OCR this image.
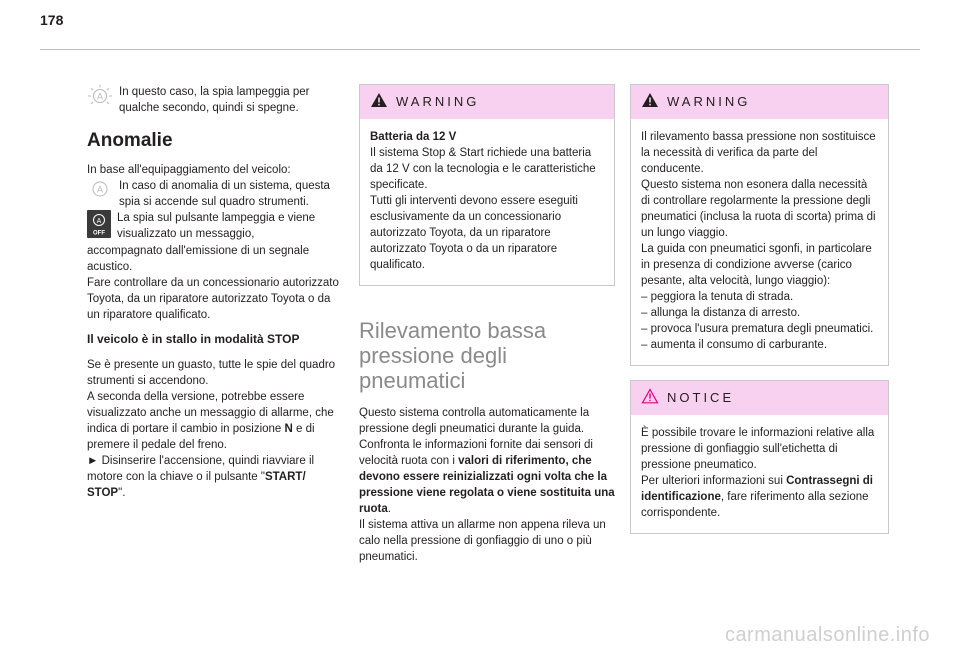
178
A In questo caso, la spia lampeggia per qualche secondo, quindi si spegne.

Anomalie

In base all'equipaggiamento del veicolo:

A In caso di anomalia di un sistema, questa spia si accende sul quadro strumenti.

A
OFF

La spia sul pulsante lampeggia e viene visualizzato un messaggio,

accompagnato dall'emissione di un segnale acustico.

Fare controllare da un concessionario autorizzato Toyota, da un riparatore autorizzato Toyota o da un riparatore qualificato.

Il veicolo è in stallo in modalità STOP

Se è presente un guasto, tutte le spie del quadro strumenti si accendono.

A seconda della versione, potrebbe essere visualizzato anche un messaggio di allarme, che indica di portare il cambio in posizione N e di premere il pedale del freno.

► Disinserire l'accensione, quindi riavviare il motore con la chiave o il pulsante "START/ STOP".

WARNING

Batteria da 12 V

Il sistema Stop & Start richiede una batteria da 12 V con la tecnologia e le caratteristiche specificate.

Tutti gli interventi devono essere eseguiti esclusivamente da un concessionario autorizzato Toyota, da un riparatore autorizzato Toyota o da un riparatore qualificato.

Rilevamento bassa pressione degli pneumatici

Questo sistema controlla automaticamente la pressione degli pneumatici durante la guida.

Confronta le informazioni fornite dai sensori di velocità ruota con i valori di riferimento, che devono essere reinizializzati ogni volta che la pressione viene regolata o viene sostituita una ruota.

Il sistema attiva un allarme non appena rileva un calo nella pressione di gonfiaggio di uno o più pneumatici.

WARNING

Il rilevamento bassa pressione non sostituisce la necessità di verifica da parte del conducente.

Questo sistema non esonera dalla necessità di controllare regolarmente la pressione degli pneumatici (inclusa la ruota di scorta) prima di un lungo viaggio.

La guida con pneumatici sgonfi, in particolare in presenza di condizione avverse (carico pesante, alta velocità, lungo viaggio):

– peggiora la tenuta di strada.

– allunga la distanza di arresto.

– provoca l'usura prematura degli pneumatici.

– aumenta il consumo di carburante.

NOTICE

È possibile trovare le informazioni relative alla pressione di gonfiaggio sull'etichetta di pressione pneumatico.

Per ulteriori informazioni sui Contrassegni di identificazione, fare riferimento alla sezione corrispondente.

carmanualsonline.info
